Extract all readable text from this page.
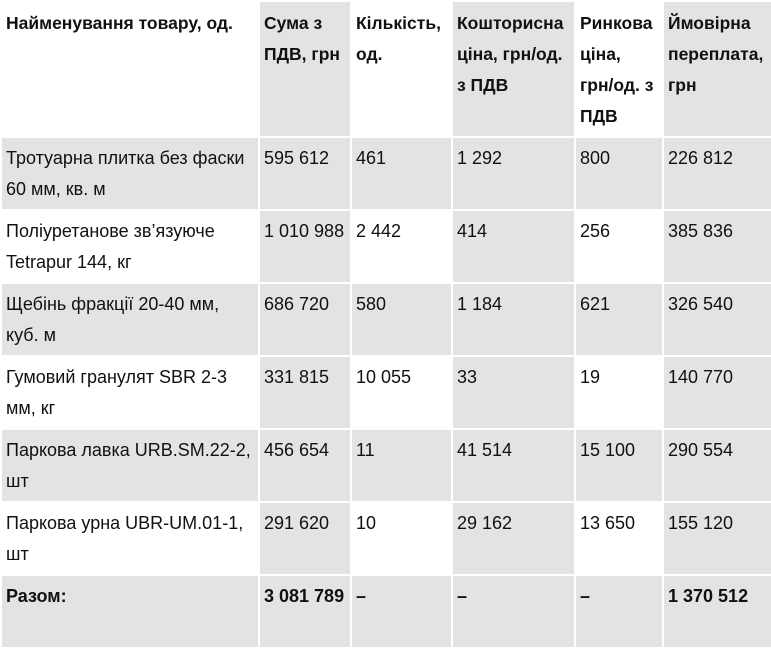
Найменування товару, од.	Сума з ПДВ, грн	Кількість, од.	Кошторисна ціна, грн/од. з ПДВ	Ринкова ціна, грн/од. з ПДВ	Ймовірна переплата, грн
Тротуарна плитка без фаски 60 мм, кв. м	595 612	461	1 292	800	226 812
Поліуретанове зв’язуюче Tetrapur 144, кг	1 010 988	2 442	414	256	385 836
Щебінь фракції 20-40 мм, куб. м	686 720	580	1 184	621	326 540
Гумовий гранулят SBR 2-3 мм, кг	331 815	10 055	33	19	140 770
Паркова лавка URB.SM.22-2, шт	456 654	11	41 514	15 100	290 554
Паркова урна UBR-UM.01-1, шт	291 620	10	29 162	13 650	155 120
Разом:	3 081 789	–	–	–	1 370 512
